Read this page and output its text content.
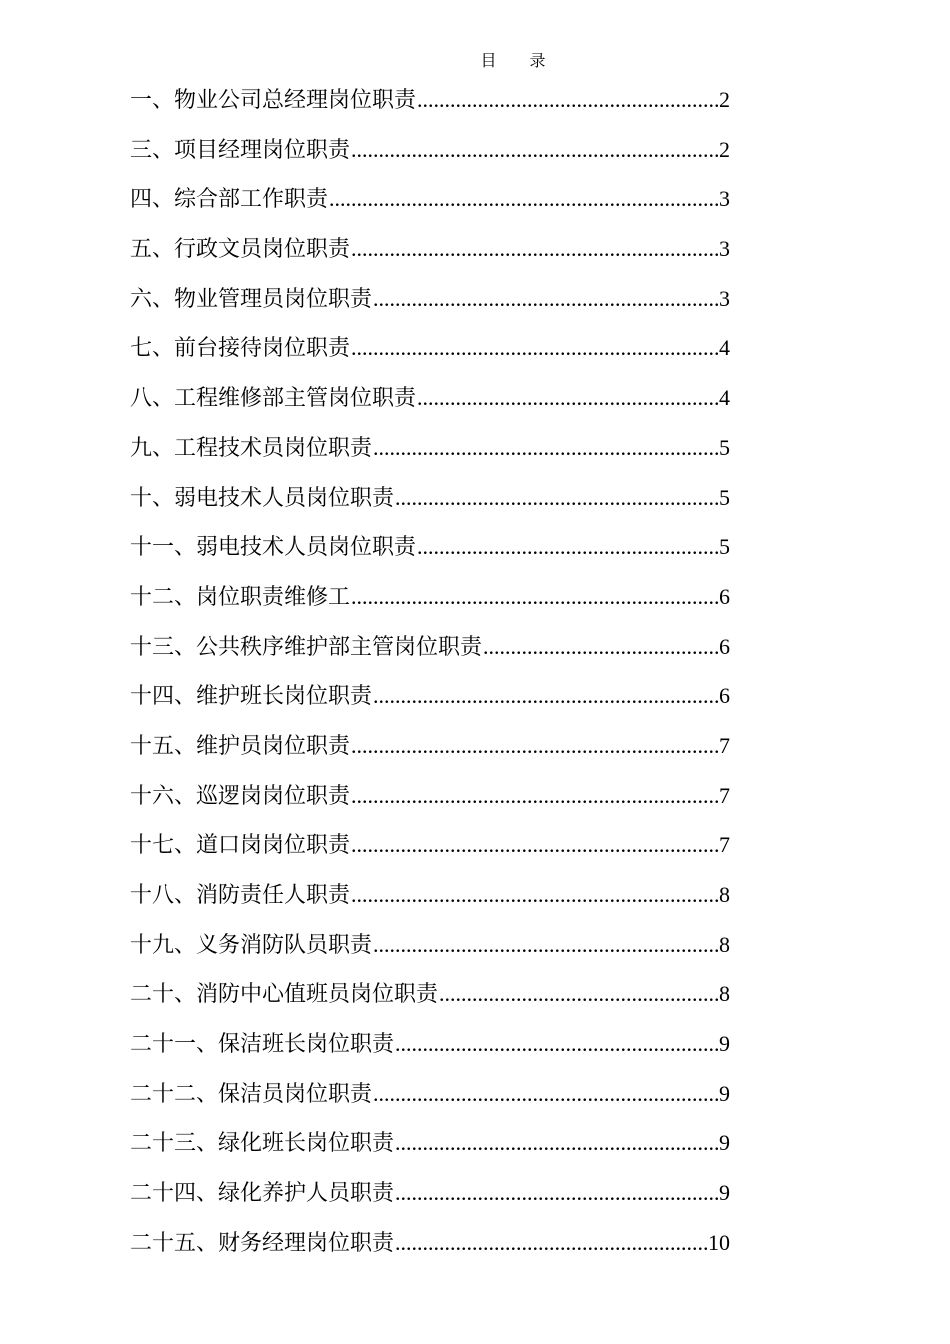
目 录
一、物业公司总经理岗位职责 .....	2
三、项目经理岗位职责 .....	2
四、综合部工作职责 .....	3
五、行政文员岗位职责 .....	3
六、物业管理员岗位职责 .....	3
七、前台接待岗位职责 .....	4
八、工程维修部主管岗位职责 .....	4
九、工程技术员岗位职责 .....	5
十、弱电技术人员岗位职责 .....	5
十一、弱电技术人员岗位职责 .....	5
十二、岗位职责维修工 .....	6
十三、公共秩序维护部主管岗位职责 .....	6
十四、维护班长岗位职责 .....	6
十五、维护员岗位职责 .....	7
十六、巡逻岗岗位职责 .....	7
十七、道口岗岗位职责 .....	7
十八、消防责任人职责 .....	8
十九、义务消防队员职责 .....	8
二十、消防中心值班员岗位职责 .....	8
二十一、保洁班长岗位职责 .....	9
二十二、保洁员岗位职责 .....	9
二十三、绿化班长岗位职责 .....	9
二十四、绿化养护人员职责 .....	9
二十五、财务经理岗位职责 .....	10
